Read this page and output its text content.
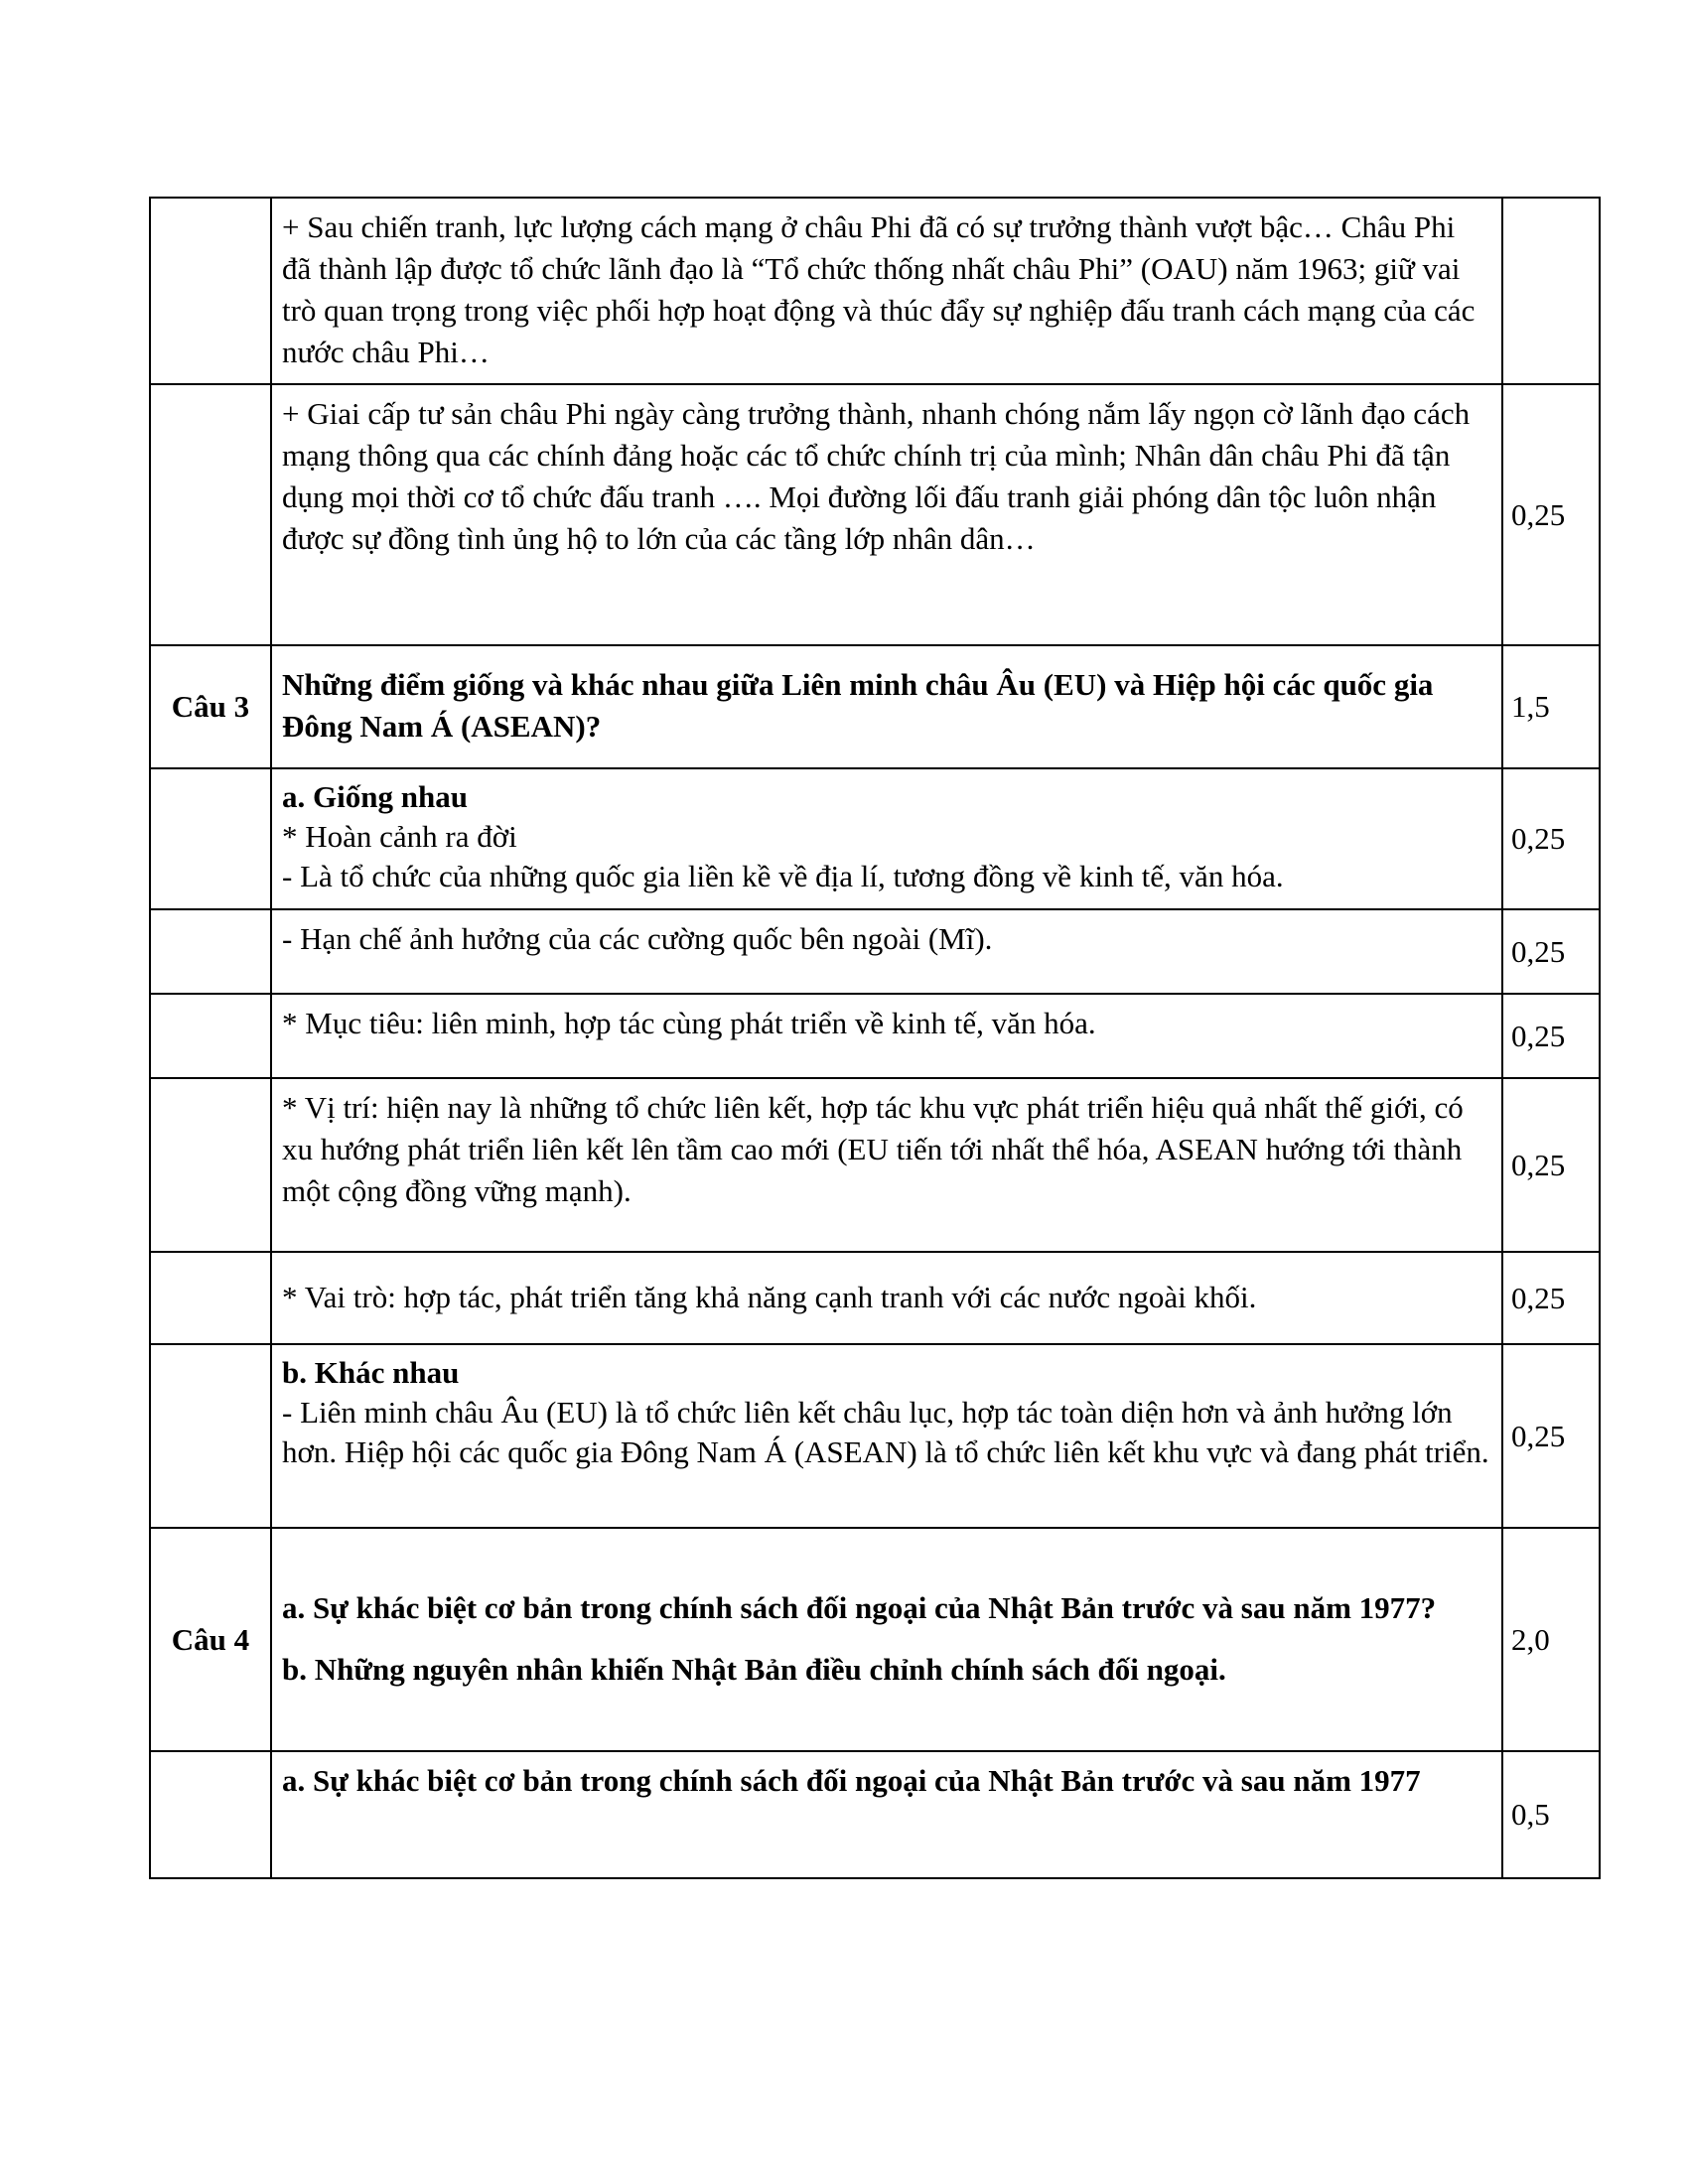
	+ Sau chiến tranh, lực lượng cách mạng ở châu Phi đã có sự trưởng thành vượt bậc… Châu Phi đã thành lập được tổ chức lãnh đạo là “Tổ chức thống nhất châu Phi” (OAU) năm 1963; giữ vai trò quan trọng trong việc phối hợp hoạt động và thúc đẩy sự nghiệp đấu tranh cách mạng của các nước châu Phi…	

	+ Giai cấp tư sản châu Phi ngày càng trưởng thành, nhanh chóng nắm lấy ngọn cờ lãnh đạo cách mạng thông qua các chính đảng hoặc các tổ chức chính trị của mình; Nhân dân châu Phi đã tận dụng mọi thời cơ tổ chức đấu tranh …. Mọi đường lối đấu tranh giải phóng dân tộc luôn nhận được sự đồng tình ủng hộ to lớn của các tầng lớp nhân dân…	0,25
Câu 3	Những điểm giống và khác nhau giữa Liên minh châu Âu (EU) và Hiệp hội các quốc gia Đông Nam Á (ASEAN)?	1,5

	a. Giống nhau
* Hoàn cảnh ra đời
- Là tổ chức của những quốc gia liền kề về địa lí, tương đồng về kinh tế, văn hóa.	0,25

	- Hạn chế ảnh hưởng của các cường quốc bên ngoài (Mĩ).	0,25

	* Mục tiêu: liên minh, hợp tác cùng phát triển về kinh tế, văn hóa.	0,25

	* Vị trí: hiện nay là những tổ chức liên kết, hợp tác khu vực phát triển hiệu quả nhất thế giới, có xu hướng phát triển liên kết lên tầm cao mới (EU tiến tới nhất thể hóa, ASEAN hướng tới thành một cộng đồng vững mạnh).	0,25

	* Vai trò: hợp tác, phát triển tăng khả năng cạnh tranh với các nước ngoài khối.	0,25

	b. Khác nhau
- Liên minh châu Âu (EU) là tổ chức liên kết châu lục, hợp tác toàn diện hơn và ảnh hưởng lớn hơn. Hiệp hội các quốc gia Đông Nam Á (ASEAN) là tổ chức liên kết khu vực và đang phát triển.	0,25
Câu 4	a. Sự khác biệt cơ bản trong chính sách đối ngoại của Nhật Bản trước và sau năm 1977?
b. Những nguyên nhân khiến Nhật Bản điều chỉnh chính sách đối ngoại.	2,0

	a. Sự khác biệt cơ bản trong chính sách đối ngoại của Nhật Bản trước và sau năm 1977	0,5
